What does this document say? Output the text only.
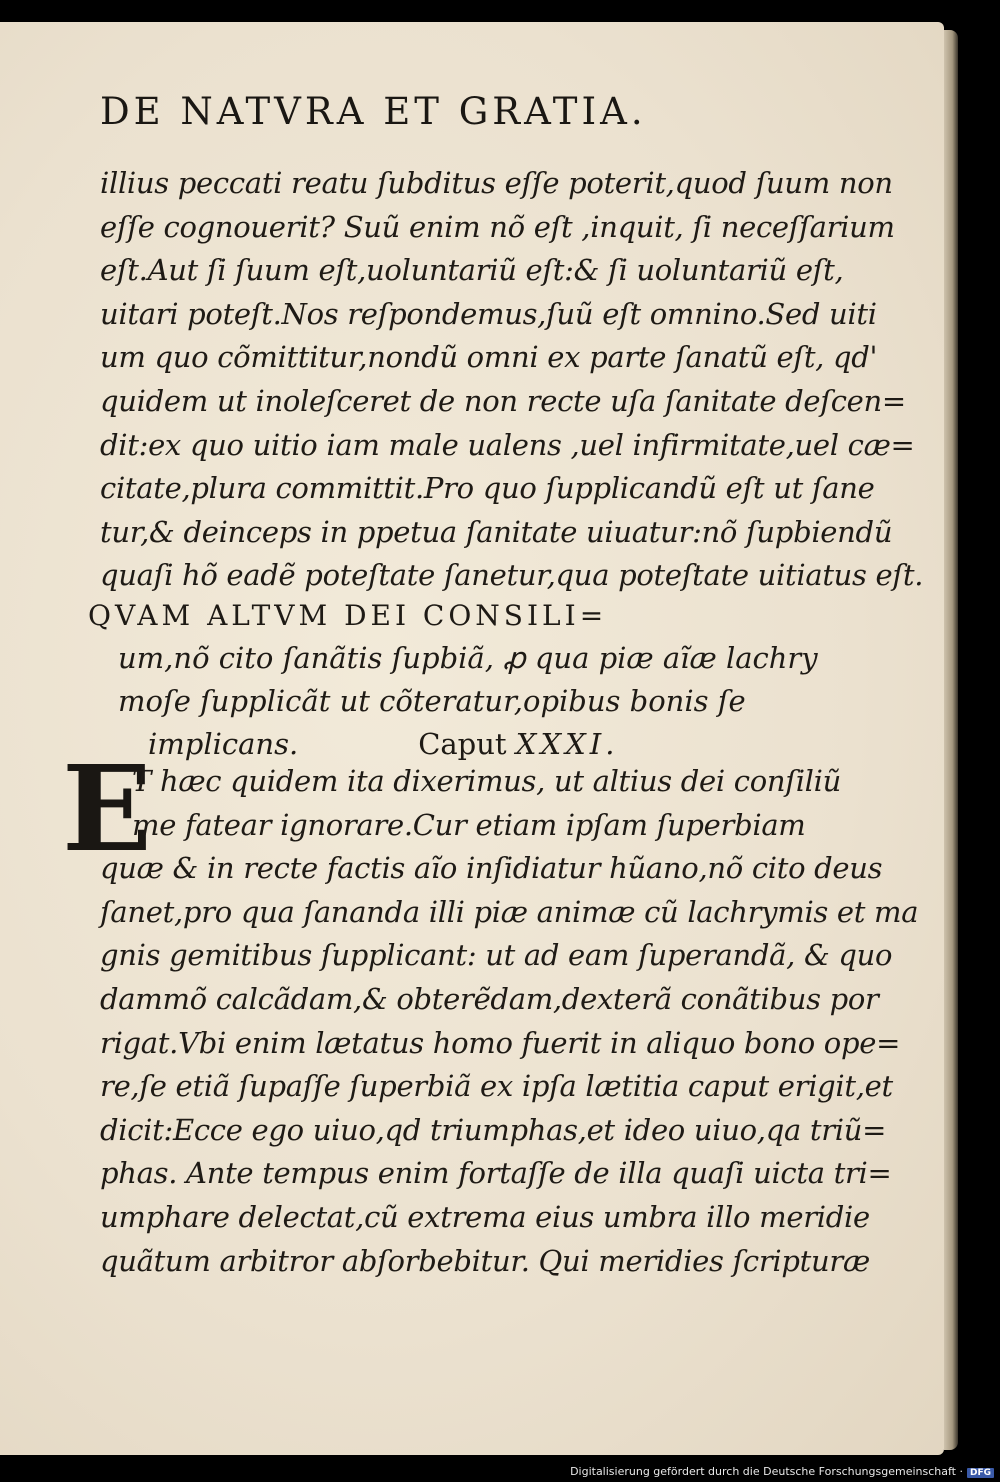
DE NATVRA ET GRATIA.
illius peccati reatu ſubditus eſſe poterit,quod ſuum non
eſſe cognouerit? Suũ enim nõ eſt ,inquit, ſi neceſſarium
eſt.Aut ſi ſuum eſt,uoluntariũ eſt:& ſi uoluntariũ eſt,
uitari poteſt.Nos reſpondemus,ſuũ eſt omnino.Sed uiti
um quo cõmittitur,nondũ omni ex parte ſanatũ eſt, qd'
quidem ut inoleſceret de non recte uſa ſanitate deſcen=
dit:ex quo uitio iam male ualens ,uel infirmitate,uel cæ=
citate,plura committit.Pro quo ſupplicandũ eſt ut ſane
tur,& deinceps in ppetua ſanitate uiuatur:nõ ſupbiendũ
quaſi hõ eadẽ poteſtate ſanetur,qua poteſtate uitiatus eſt.
QVAM ALTVM DEI CONSILI=
um,nõ cito ſanãtis ſupbiã, ꝓ qua piæ aĩæ lachry
moſe ſupplicãt ut cõteratur,opibus bonis ſe
implicans.	Caput XXXI.
E
T hæc quidem ita dixerimus, ut altius dei conſiliũ
me fatear ignorare.Cur etiam ipſam ſuperbiam
quæ & in recte factis aĩo inſidiatur hũano,nõ cito deus
ſanet,pro qua ſananda illi piæ animæ cũ lachrymis et ma
gnis gemitibus ſupplicant: ut ad eam ſuperandã, & quo
dammõ calcãdam,& obterẽdam,dexterã conãtibus por
rigat.Vbi enim lætatus homo fuerit in aliquo bono ope=
re,ſe etiã ſupaſſe ſuperbiã ex ipſa lætitia caput erigit,et
dicit:Ecce ego uiuo,qd triumphas,et ideo uiuo,qa triũ=
phas. Ante tempus enim fortaſſe de illa quaſi uicta tri=
umphare delectat,cũ extrema eius umbra illo meridie
quãtum arbitror abſorbebitur. Qui meridies ſcripturæ
Digitalisierung gefördert durch die Deutsche Forschungsgemeinschaft · DFG
